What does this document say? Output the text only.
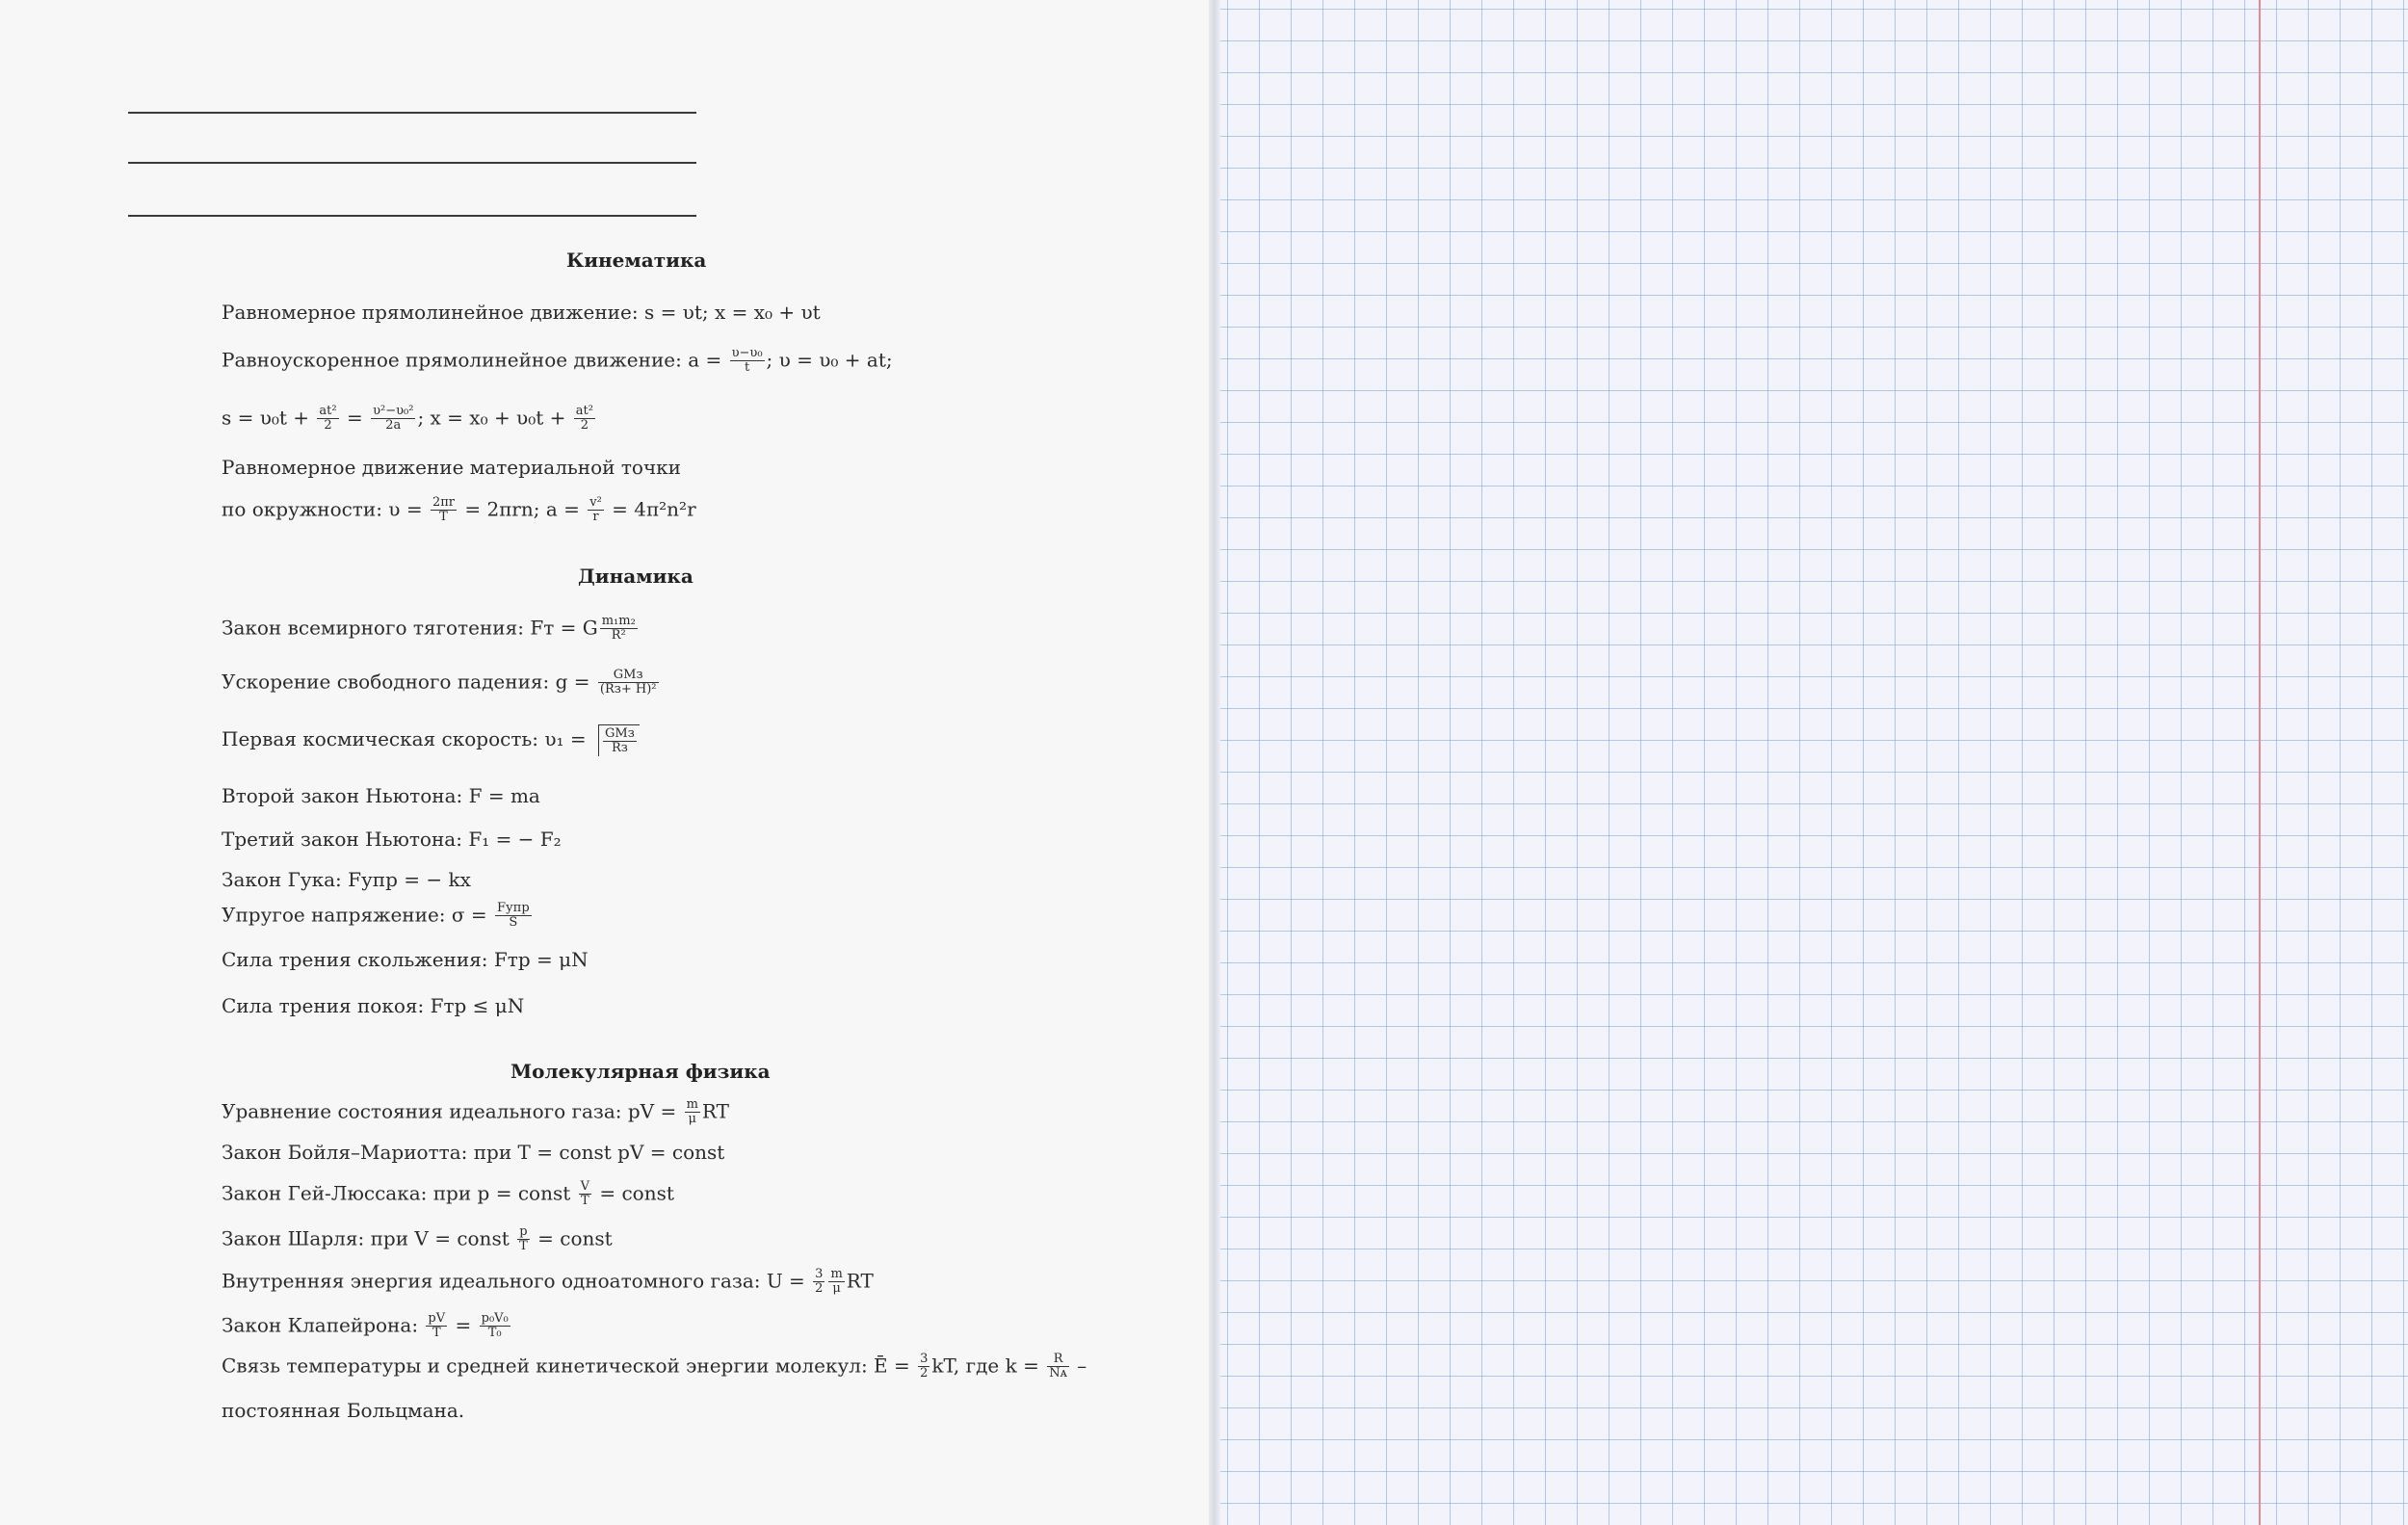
Кинематика
Равномерное прямолинейное движение: s = υt; x = x₀ + υt
Равноускоренное прямолинейное движение: $a = \frac{\text{υ−υ₀}}{t}$ ; υ = υ₀ + at;
$s = \upsilon_0t + \frac{\text{at²}}{2} = \frac{\text{υ²−υ₀²}}{2a}$ ; $x = x_0 + \upsilon_0t + \frac{\text{at²}}{2}$
Равномерное движение материальной точки
по окружности: $\upsilon = \frac{2\pi r}{T} = 2\pi rn$; $a = \frac{\text{v²}}{r} = 4\pi^2n^2r$
Динамика
Закон всемирного тяготения: Fт = G $\frac{\text{m₁m₂}}{\text{R²}}$
Ускорение свободного падения: $g = \frac{\text{GMз}}{\text{(Rз+ H)²}}$
Первая космическая скорость: $\upsilon_1 = \frac{\text{GMз}}{Rз}$
Второй закон Ньютона: F = ma
Третий закон Ньютона: F₁ = − F₂
Закон Гука: Fупр = − kx
Упругое напряжение: $\sigma = \frac{\text{Fупр}}{S}$
Сила трения скольжения: Fтр = μN
Сила трения покоя: Fтр ≤ μN
Молекулярная физика
Уравнение состояния идеального газа: pV = $\frac{m}{\mu}$ RT
Закон Бойля–Мариотта: при T = const pV = const
Закон Гей-Люссака: при p = const $\frac{V}{T}$ = const
Закон Шарля: при V = const $\frac{p}{T}$ = const
Внутренняя энергия идеального одноатомного газа: $U = \frac{3}{2} \frac{m}{\mu}$ RT
Закон Клапейрона: $\frac{pV}{T} = \frac{\text{p₀V₀}}{\text{T₀}}$
Связь температуры и средней кинетической энергии молекул: Ē = $\frac{3}{2}$ kT, где $k = \frac{R}{\text{Nᴀ}}$ –
постоянная Больцмана.
